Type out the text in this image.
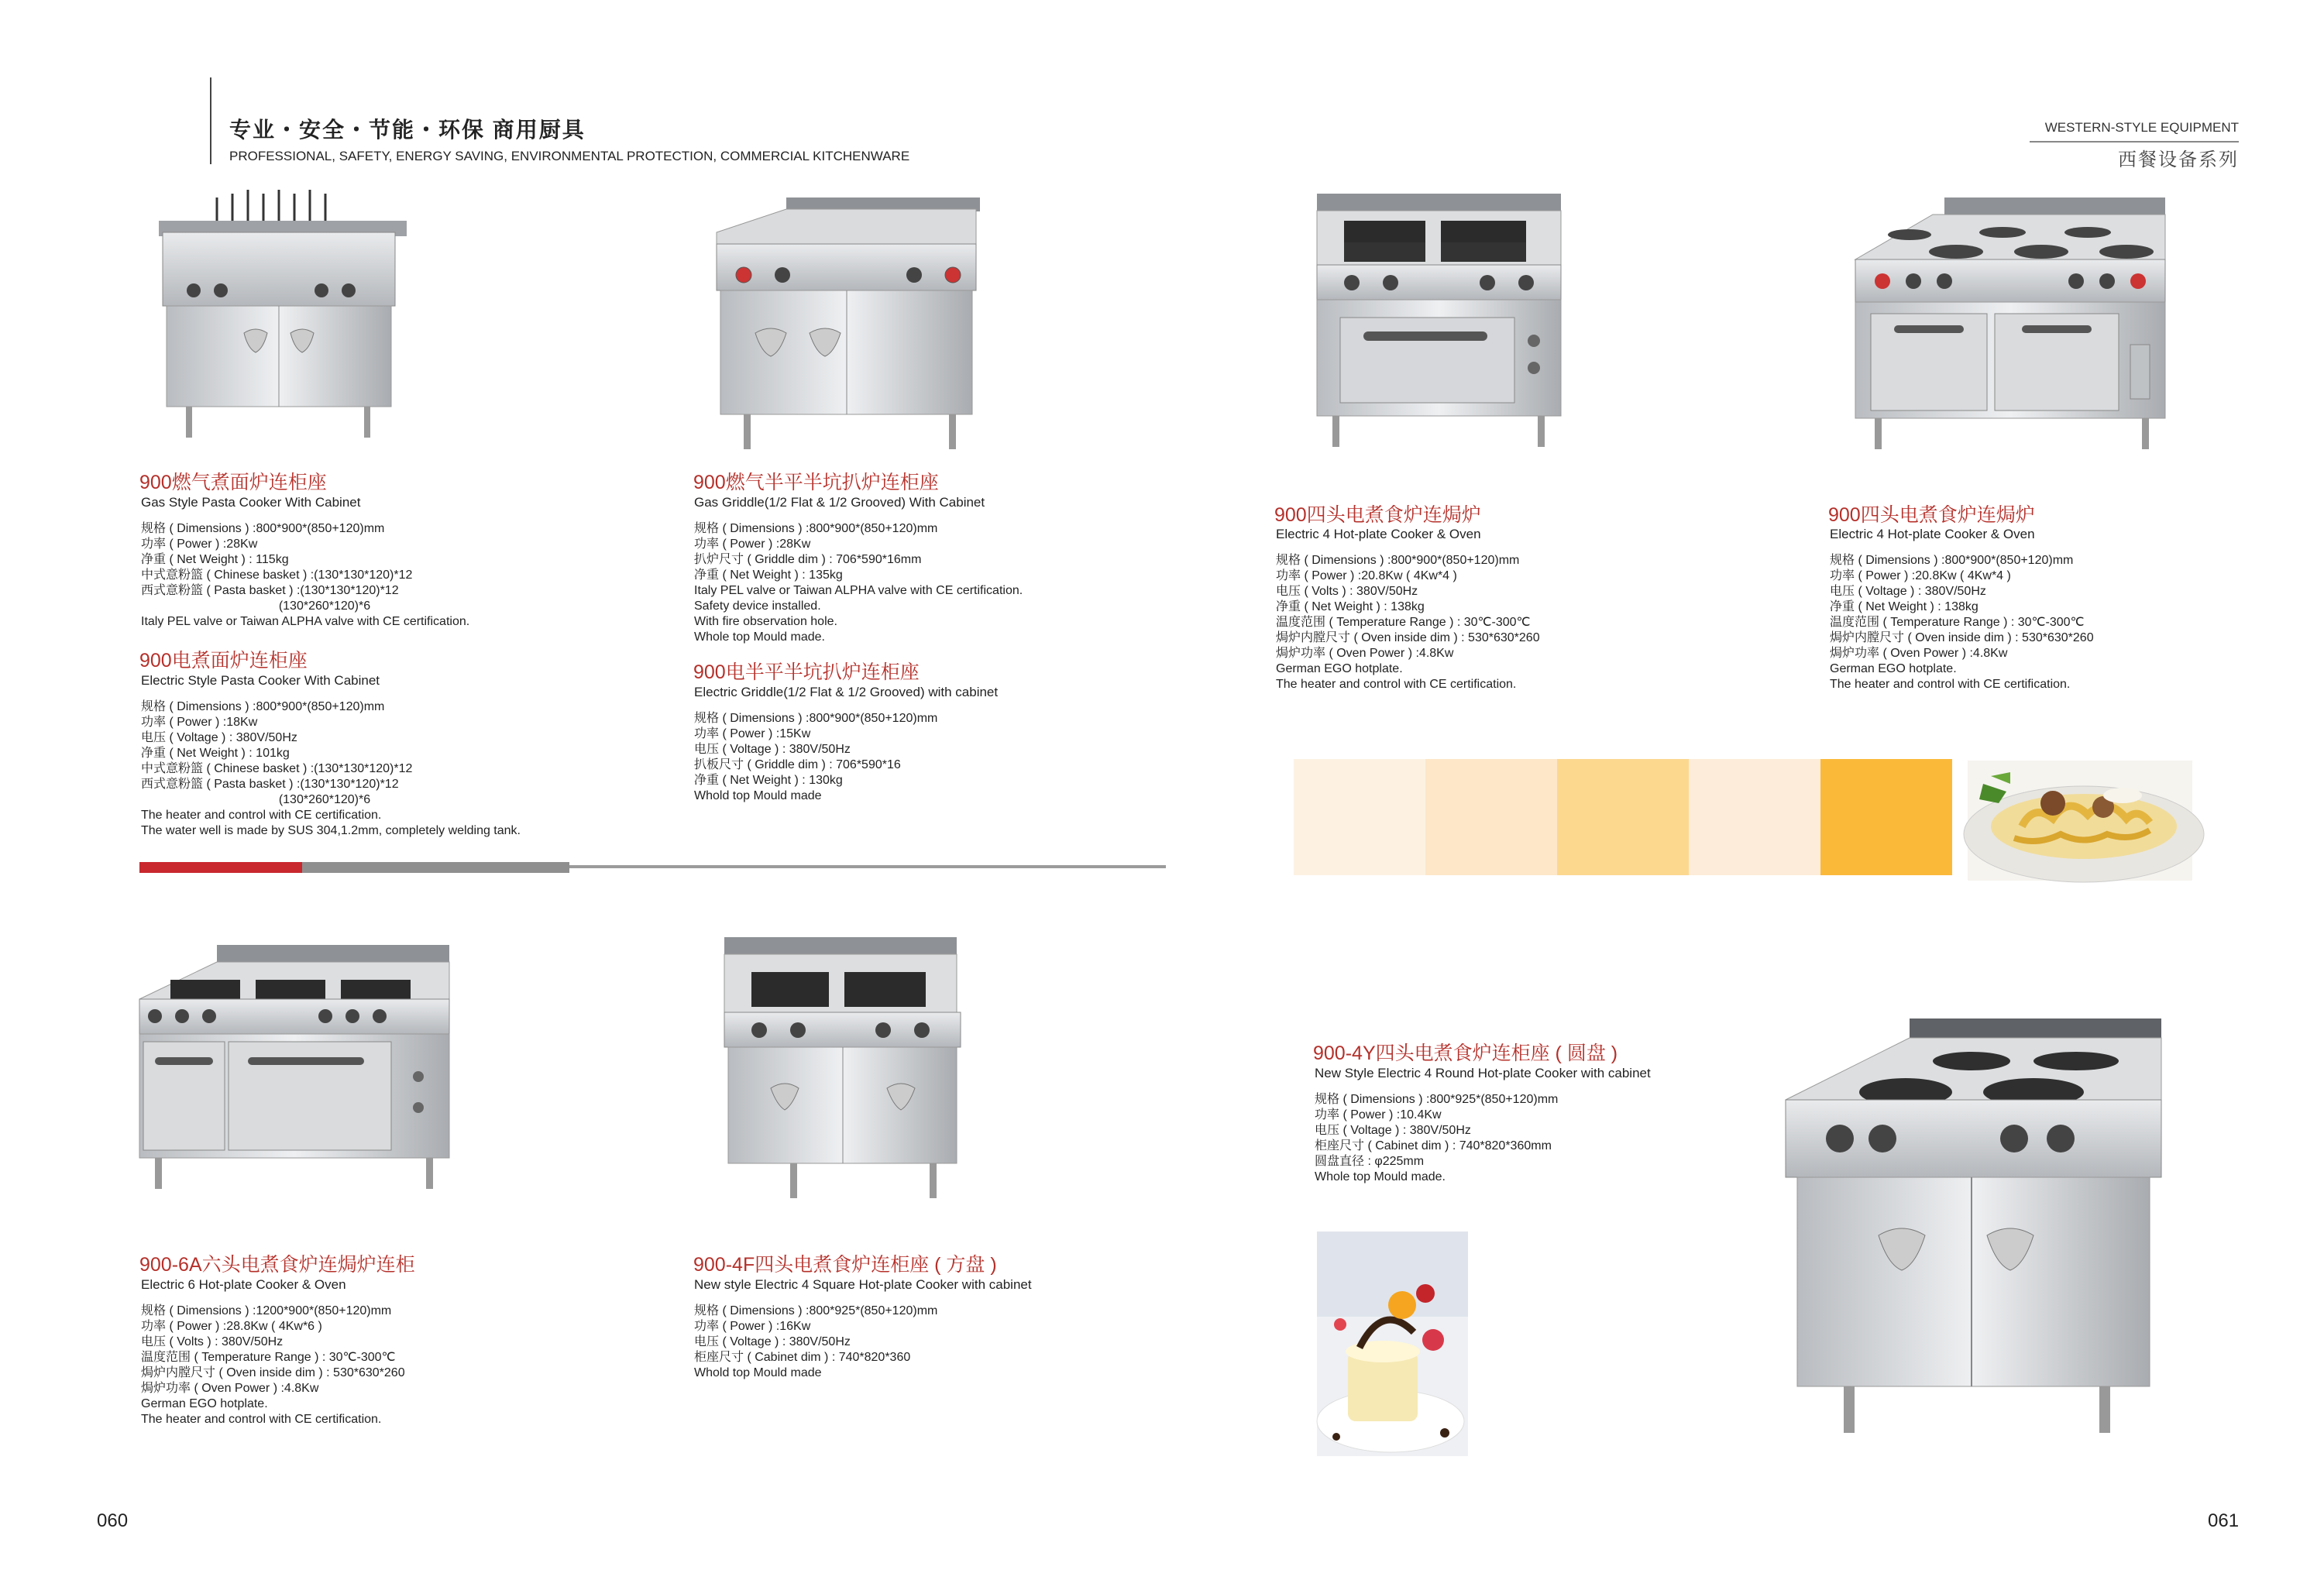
专业・安全・节能・环保 商用厨具
PROFESSIONAL, SAFETY, ENERGY SAVING, ENVIRONMENTAL PROTECTION, COMMERCIAL KITCHENWARE
WESTERN-STYLE EQUIPMENT
西餐设备系列
900燃气煮面炉连柜座
Gas Style Pasta Cooker With Cabinet
规格 ( Dimensions ) :800*900*(850+120)mm
功率 ( Power ) :28Kw
净重 ( Net Weight ) : 115kg
中式意粉篮 ( Chinese basket ) :(130*130*120)*12
西式意粉篮 ( Pasta basket ) :(130*130*120)*12
(130*260*120)*6
Italy PEL valve or Taiwan ALPHA valve with CE certification.
900电煮面炉连柜座
Electric Style Pasta Cooker With Cabinet
规格 ( Dimensions ) :800*900*(850+120)mm
功率 ( Power ) :18Kw
电压 ( Voltage ) : 380V/50Hz
净重 ( Net Weight ) : 101kg
中式意粉篮 ( Chinese basket ) :(130*130*120)*12
西式意粉篮 ( Pasta basket ) :(130*130*120)*12
(130*260*120)*6
The heater and control with CE certification.
The water well is made by SUS 304,1.2mm, completely welding tank.
900燃气半平半坑扒炉连柜座
Gas Griddle(1/2 Flat & 1/2 Grooved) With Cabinet
规格 ( Dimensions ) :800*900*(850+120)mm
功率 ( Power ) :28Kw
扒炉尺寸 ( Griddle dim ) : 706*590*16mm
净重 ( Net Weight ) : 135kg
Italy PEL valve or Taiwan ALPHA valve with CE certification.
Safety device installed.
With fire observation hole.
Whole top Mould made.
900电半平半坑扒炉连柜座
Electric Griddle(1/2 Flat & 1/2 Grooved) with cabinet
规格 ( Dimensions ) :800*900*(850+120)mm
功率 ( Power ) :15Kw
电压 ( Voltage ) : 380V/50Hz
扒板尺寸 ( Griddle dim ) : 706*590*16
净重 ( Net Weight ) : 130kg
Whold top Mould made
900四头电煮食炉连焗炉
Electric 4 Hot-plate Cooker & Oven
规格 ( Dimensions ) :800*900*(850+120)mm
功率 ( Power ) :20.8Kw ( 4Kw*4 )
电压 ( Volts ) : 380V/50Hz
净重 ( Net Weight ) : 138kg
温度范围 ( Temperature Range ) : 30℃-300℃
焗炉内膛尺寸 ( Oven inside dim ) : 530*630*260
焗炉功率 ( Oven Power ) :4.8Kw
German EGO hotplate.
The heater and control with CE certification.
900四头电煮食炉连焗炉
Electric 4 Hot-plate Cooker & Oven
规格 ( Dimensions ) :800*900*(850+120)mm
功率 ( Power ) :20.8Kw ( 4Kw*4 )
电压 ( Voltage ) : 380V/50Hz
净重 ( Net Weight ) : 138kg
温度范围 ( Temperature Range ) : 30℃-300℃
焗炉内膛尺寸 ( Oven inside dim ) : 530*630*260
焗炉功率 ( Oven Power ) :4.8Kw
German EGO hotplate.
The heater and control with CE certification.
900-6A六头电煮食炉连焗炉连柜
Electric 6 Hot-plate Cooker & Oven
规格 ( Dimensions ) :1200*900*(850+120)mm
功率 ( Power ) :28.8Kw ( 4Kw*6 )
电压 ( Volts ) : 380V/50Hz
温度范围 ( Temperature Range ) : 30℃-300℃
焗炉内膛尺寸 ( Oven inside dim ) : 530*630*260
焗炉功率 ( Oven Power ) :4.8Kw
German EGO hotplate.
The heater and control with CE certification.
900-4F四头电煮食炉连柜座 ( 方盘 )
New style Electric 4 Square Hot-plate Cooker with cabinet
规格 ( Dimensions ) :800*925*(850+120)mm
功率 ( Power ) :16Kw
电压 ( Voltage ) : 380V/50Hz
柜座尺寸 ( Cabinet dim ) : 740*820*360
Whold top Mould made
900-4Y四头电煮食炉连柜座 ( 圆盘 )
New Style Electric 4 Round Hot-plate Cooker with cabinet
规格 ( Dimensions ) :800*925*(850+120)mm
功率 ( Power ) :10.4Kw
电压 ( Voltage ) : 380V/50Hz
柜座尺寸 ( Cabinet dim ) : 740*820*360mm
圆盘直径 : φ225mm
Whole top Mould made.
060	061
